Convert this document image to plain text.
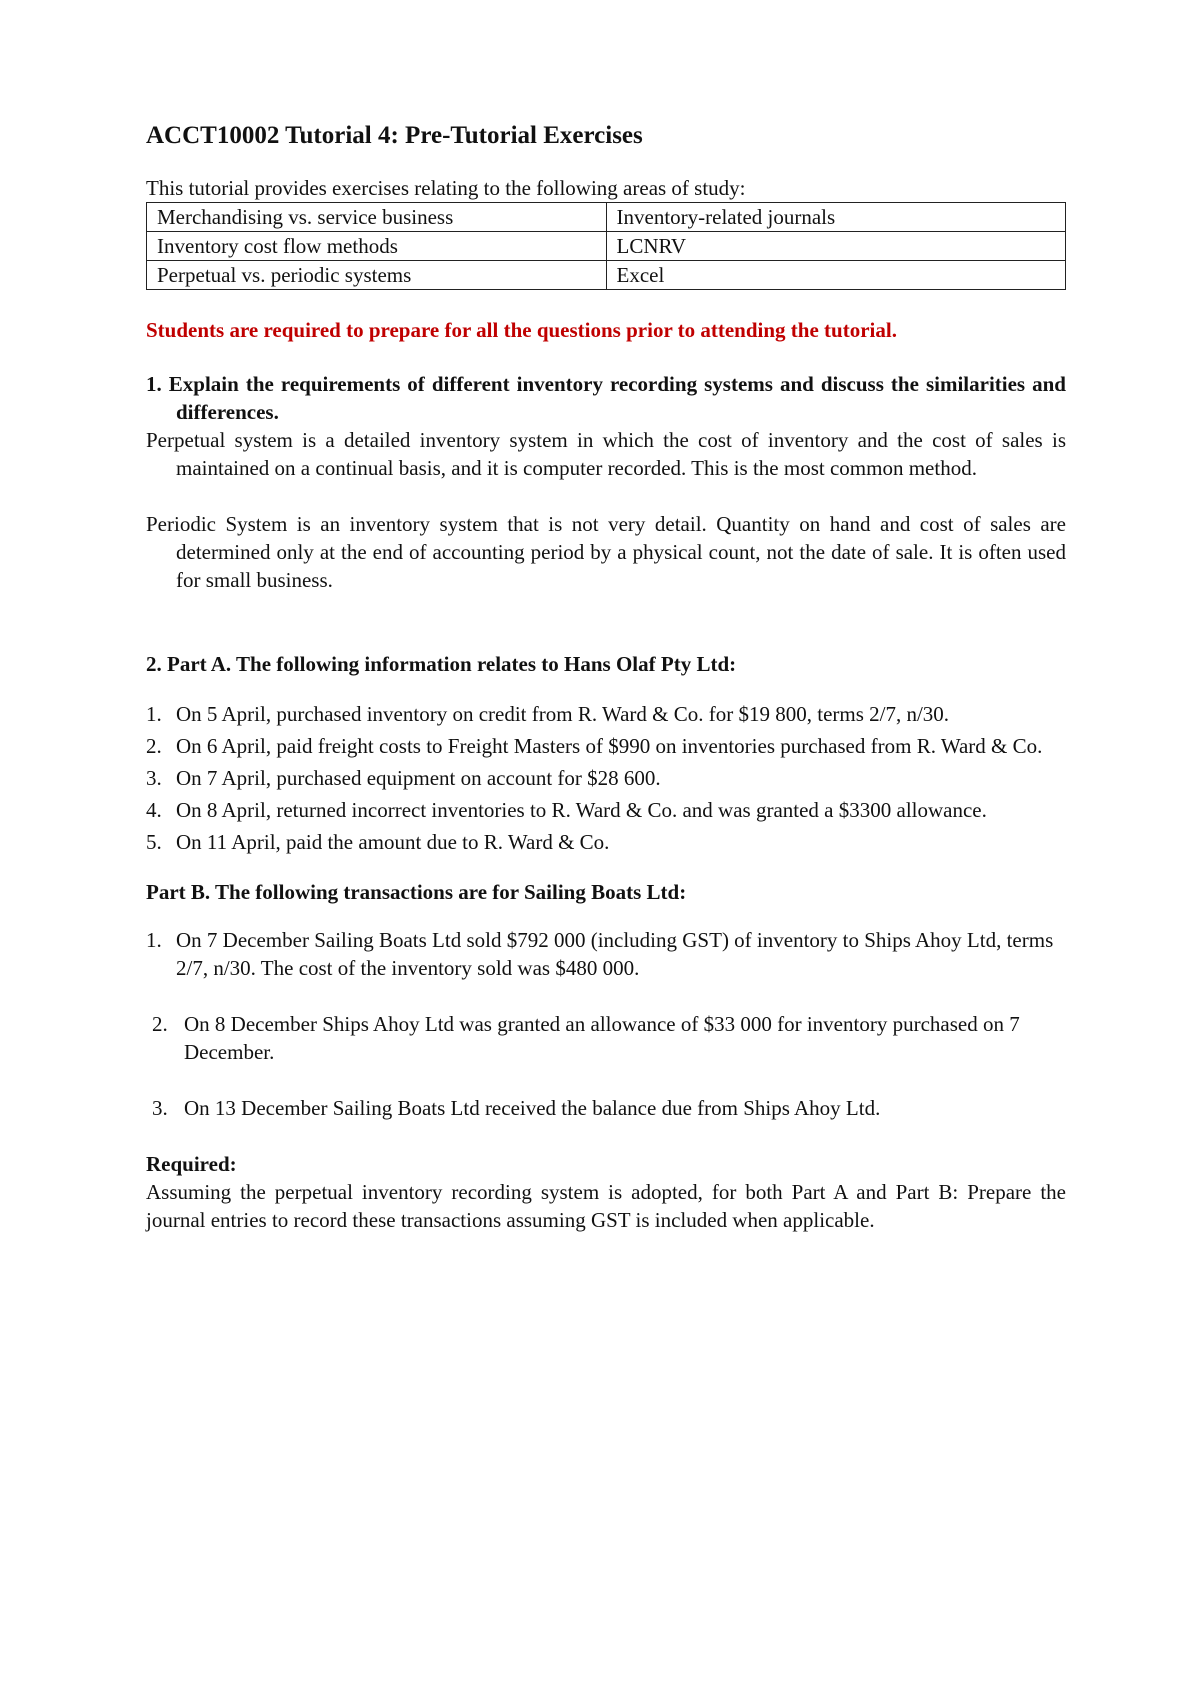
ACCT10002 Tutorial 4: Pre-Tutorial Exercises

This tutorial provides exercises relating to the following areas of study:

Merchandising vs. service business	Inventory-related journals
Inventory cost flow methods	LCNRV
Perpetual vs. periodic systems	Excel

Students are required to prepare for all the questions prior to attending the tutorial.

1. Explain the requirements of different inventory recording systems and discuss the similarities and differences.

Perpetual system is a detailed inventory system in which the cost of inventory and the cost of sales is maintained on a continual basis, and it is computer recorded. This is the most common method.

Periodic System is an inventory system that is not very detail. Quantity on hand and cost of sales are determined only at the end of accounting period by a physical count, not the date of sale. It is often used for small business.

2. Part A. The following information relates to Hans Olaf Pty Ltd:

1. On 5 April, purchased inventory on credit from R. Ward & Co. for $19 800, terms 2/7, n/30.
2. On 6 April, paid freight costs to Freight Masters of $990 on inventories purchased from R. Ward & Co.
3. On 7 April, purchased equipment on account for $28 600.
4. On 8 April, returned incorrect inventories to R. Ward & Co. and was granted a $3300 allowance.
5. On 11 April, paid the amount due to R. Ward & Co.

Part B. The following transactions are for Sailing Boats Ltd:

1. On 7 December Sailing Boats Ltd sold $792 000 (including GST) of inventory to Ships Ahoy Ltd, terms 2/7, n/30. The cost of the inventory sold was $480 000.
2. On 8 December Ships Ahoy Ltd was granted an allowance of $33 000 for inventory purchased on 7 December.
3. On 13 December Sailing Boats Ltd received the balance due from Ships Ahoy Ltd.

Required:

Assuming the perpetual inventory recording system is adopted, for both Part A and Part B: Prepare the journal entries to record these transactions assuming GST is included when applicable.
